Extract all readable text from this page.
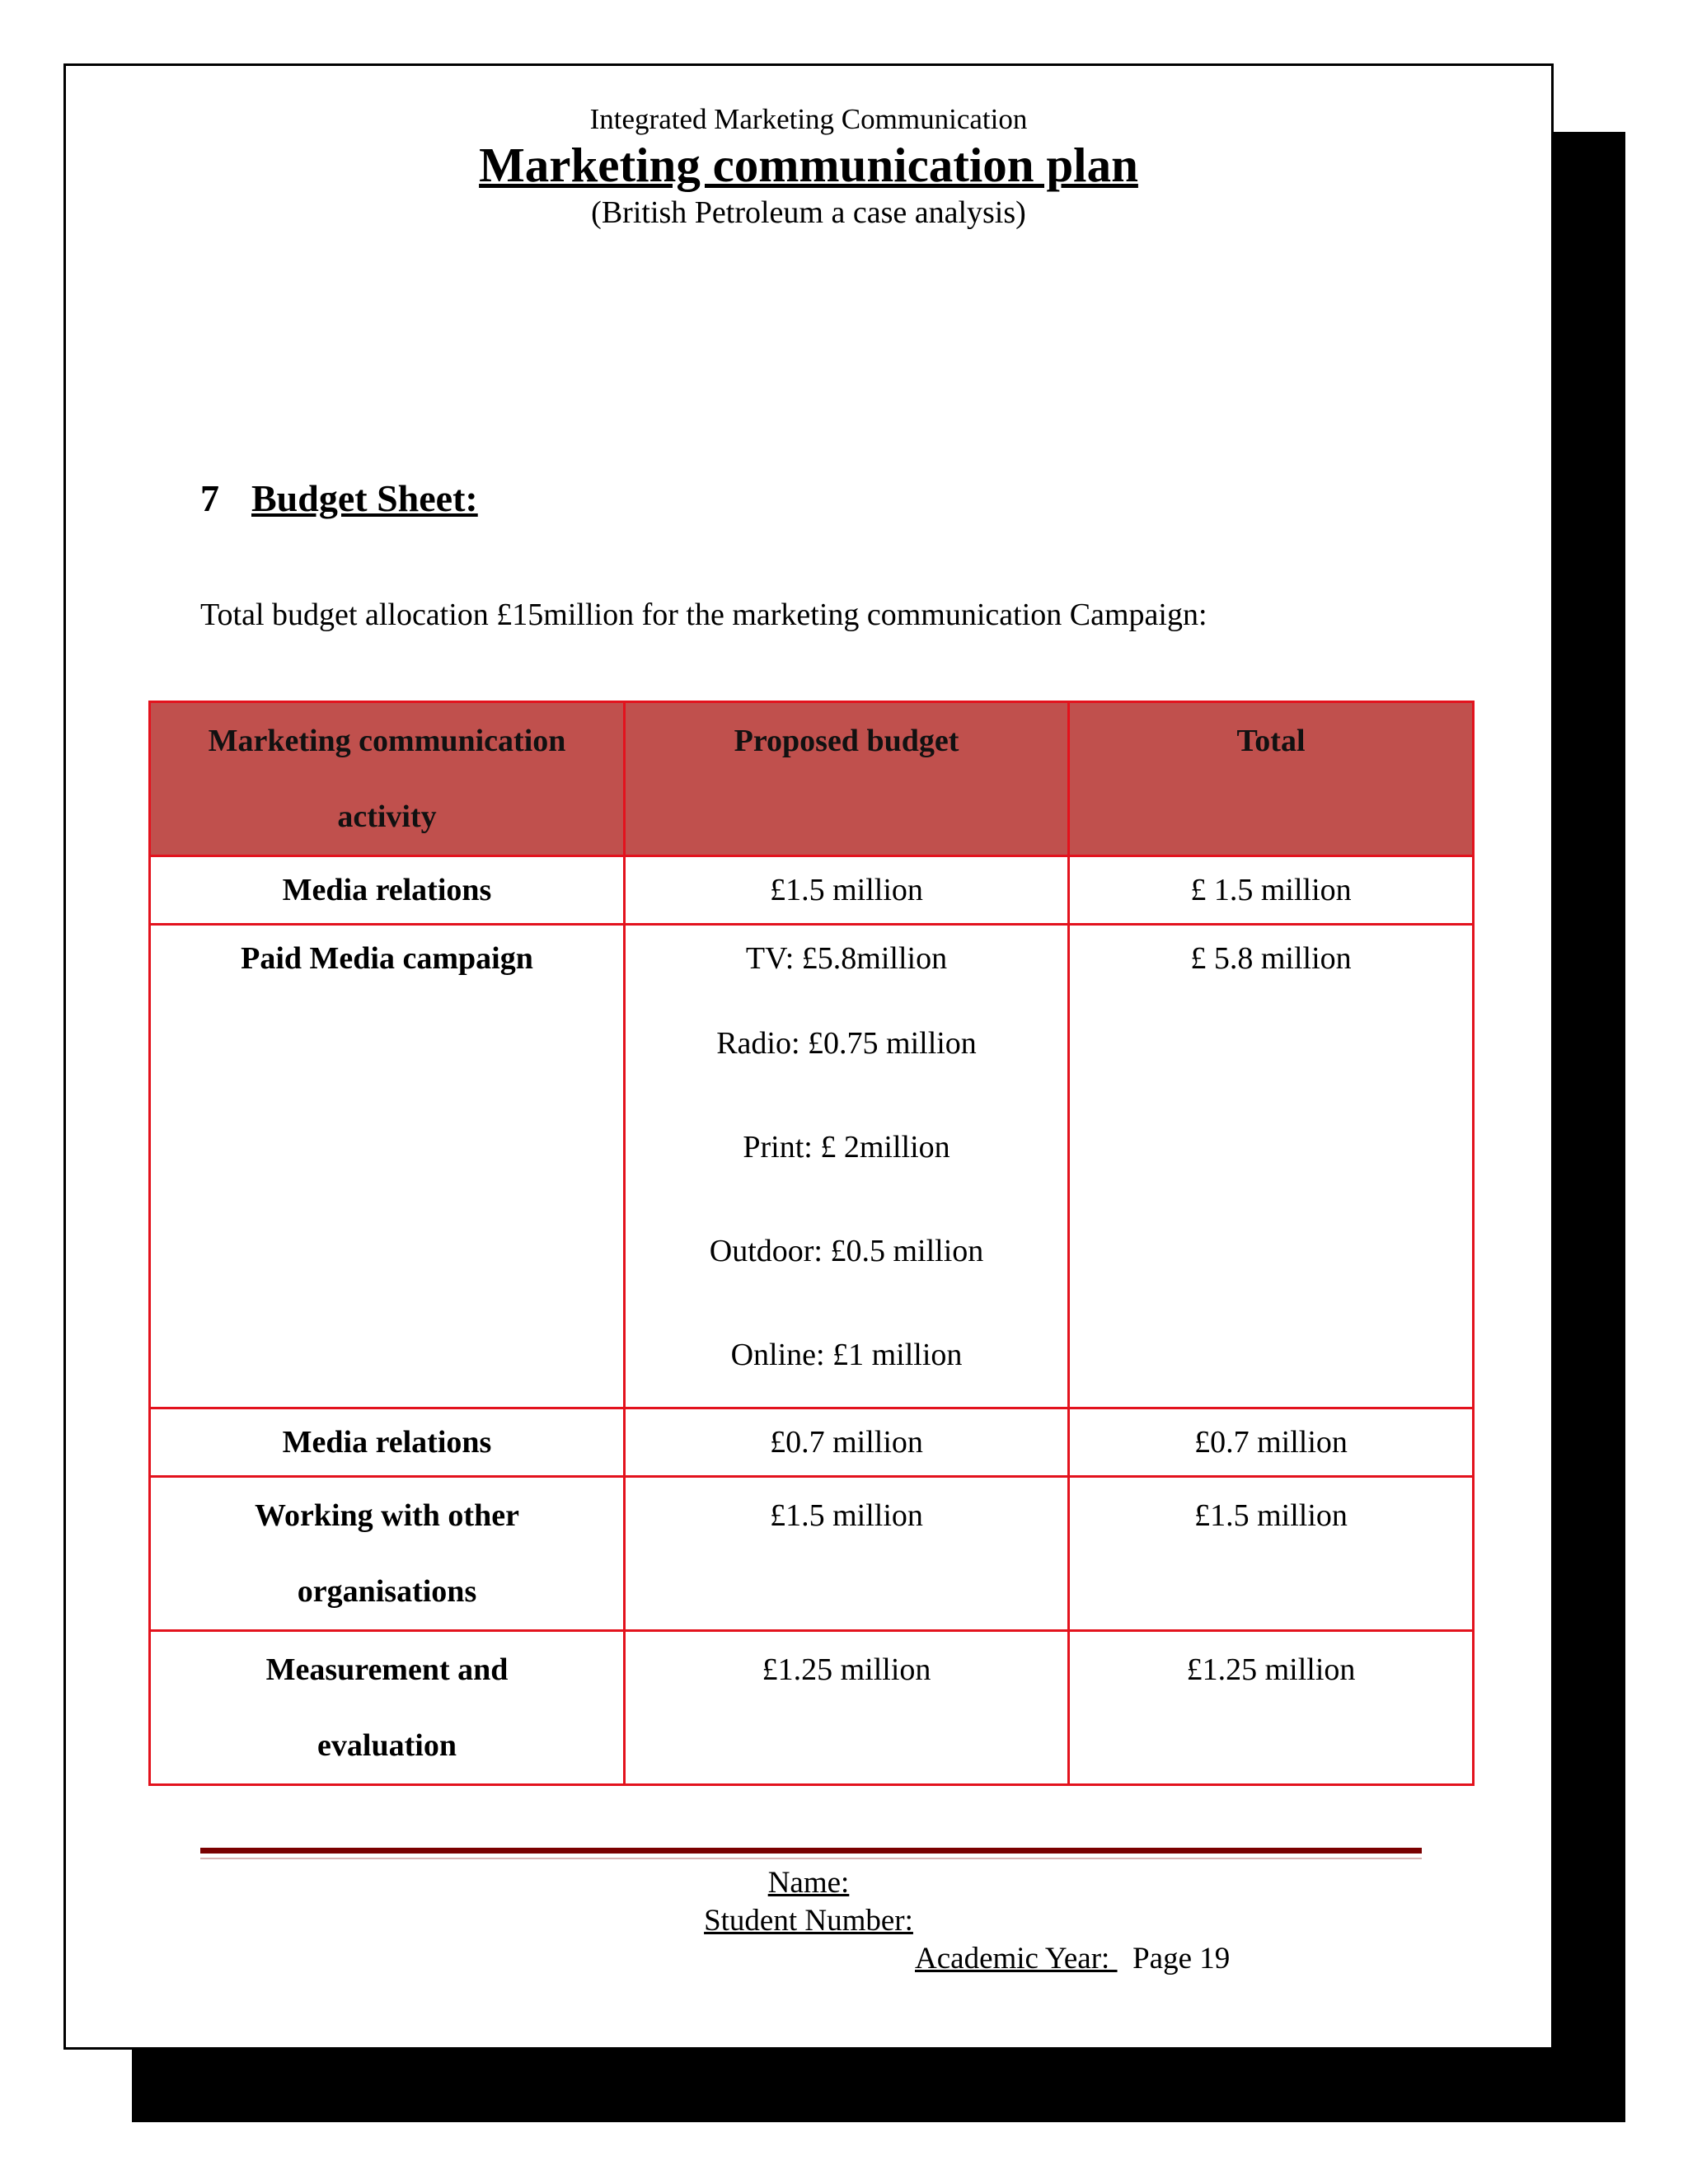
Integrated Marketing Communication
Marketing communication plan
(British Petroleum a case analysis)
7 Budget Sheet:
Total budget allocation £15million for the marketing communication Campaign:
Marketing communication
activity	Proposed budget	Total

Media relations	£1.5 million	£ 1.5 million

Paid Media campaign	TV: £5.8million
Radio: £0.75 million
Print: £ 2million
Outdoor: £0.5 million
Online: £1 million	£ 5.8 million

Media relations	£0.7 million	£0.7 million

Working with other
organisations	£1.5 million	£1.5 million

Measurement and
evaluation	£1.25 million	£1.25 million
Name:
Student Number:
Academic Year:   Page 19
